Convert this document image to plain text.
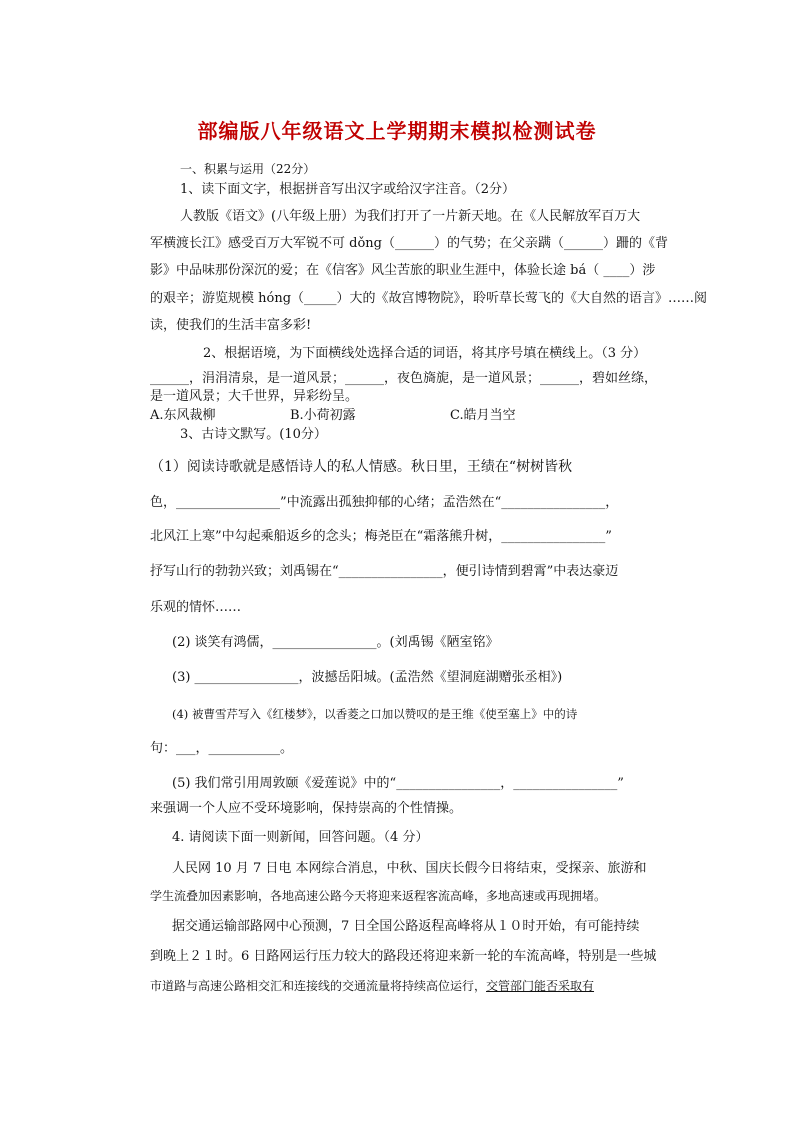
部编版八年级语文上学期期末模拟检测试卷
一、积累与运用（22分）
1、读下面文字，根据拼音写出汉字或给汉字注音。（2分）
人教版《语文》(八年级上册）为我们打开了一片新天地。在《人民解放军百万大
军横渡长江》感受百万大军锐不可 dǒng（______）的气势；在父亲蹒（______）跚的《背
影》中品味那份深沉的爱；在《信客》风尘苦旅的职业生涯中，体验长途 bá（ ____）涉
的艰辛；游览规模 hóng（_____）大的《故宫博物院》，聆听草长莺飞的《大自然的语言》……阅
读，使我们的生活丰富多彩!
2、根据语境，为下面横线处选择合适的词语，将其序号填在横线上。（3 分）
______，涓涓清泉，是一道风景；______，夜色旖旎，是一道风景；______，碧如丝绦，
是一道风景；大千世界，异彩纷呈。
A.东风裁柳	B.小荷初露	C.皓月当空
3、古诗文默写。(10分）
（1）阅读诗歌就是感悟诗人的私人情感。秋日里，王绩在“树树皆秋
色，________________”中流露出孤独抑郁的心绪；孟浩然在“________________，
北风江上寒”中勾起乘船返乡的念头；梅尧臣在“霜落熊升树，________________”
抒写山行的勃勃兴致；刘禹锡在“________________，便引诗情到碧霄”中表达豪迈
乐观的情怀……
(2) 谈笑有鸿儒，________________。(刘禹锡《陋室铭》
(3) ________________，波撼岳阳城。(孟浩然《望洞庭湖赠张丞相》)
(4) 被曹雪芹写入《红楼梦》，以香菱之口加以赞叹的是王维《使至塞上》中的诗
句：___，___________。
(5) 我们常引用周敦颐《爱莲说》中的“________________，________________”
来强调一个人应不受环境影响，保持崇高的个性情操。
4. 请阅读下面一则新闻，回答问题。（4 分）
人民网 10 月 7 日电 本网综合消息，中秋、国庆长假今日将结束，受探亲、旅游和
学生流叠加因素影响，各地高速公路今天将迎来返程客流高峰，多地高速或再现拥堵。
据交通运输部路网中心预测，7 日全国公路返程高峰将从１０时开始，有可能持续
到晚上２１时。6 日路网运行压力较大的路段还将迎来新一轮的车流高峰，特别是一些城
市道路与高速公路相交汇和连接线的交通流量将持续高位运行，交管部门能否采取有
